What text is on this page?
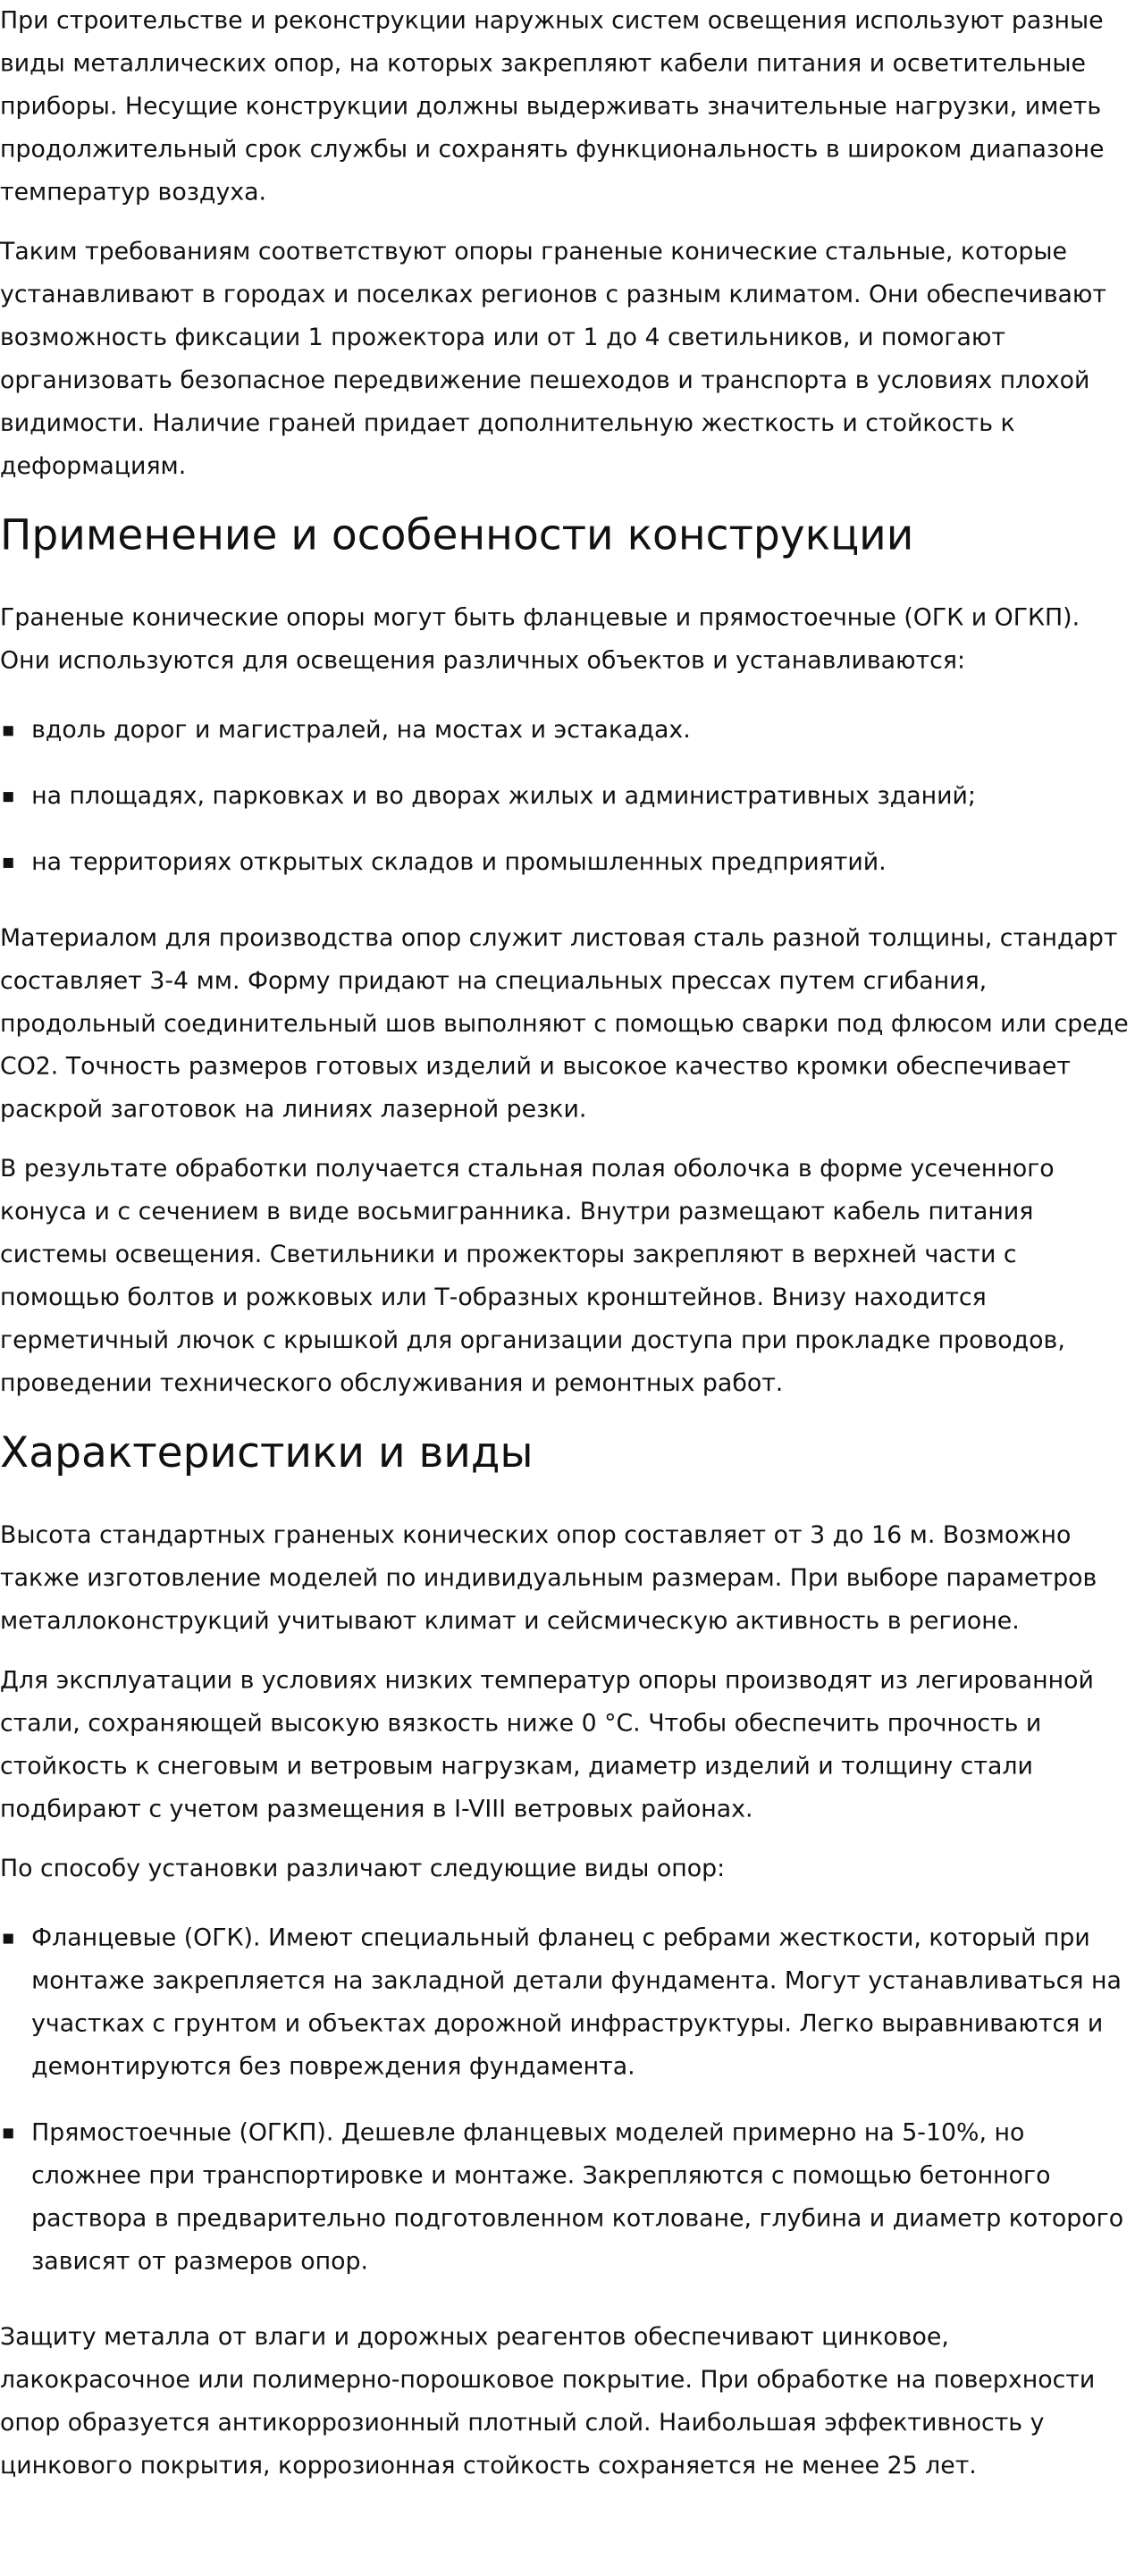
При строительстве и реконструкции наружных систем освещения используют разные виды металлических опор, на которых закрепляют кабели питания и осветительные приборы. Несущие конструкции должны выдерживать значительные нагрузки, иметь продолжительный срок службы и сохранять функциональность в широком диапазоне температур воздуха.

Таким требованиям соответствуют опоры граненые конические стальные, которые устанавливают в городах и поселках регионов с разным климатом. Они обеспечивают возможность фиксации 1 прожектора или от 1 до 4 светильников, и помогают организовать безопасное передвижение пешеходов и транспорта в условиях плохой видимости. Наличие граней придает дополнительную жесткость и стойкость к деформациям.

Применение и особенности конструкции

Граненые конические опоры могут быть фланцевые и прямостоечные (ОГК и ОГКП). Они используются для освещения различных объектов и устанавливаются:

вдоль дорог и магистралей, на мостах и эстакадах.
на площадях, парковках и во дворах жилых и административных зданий;
на территориях открытых складов и промышленных предприятий.

Материалом для производства опор служит листовая сталь разной толщины, стандарт составляет 3-4 мм. Форму придают на специальных прессах путем сгибания, продольный соединительный шов выполняют с помощью сварки под флюсом или среде CO2. Точность размеров готовых изделий и высокое качество кромки обеспечивает раскрой заготовок на линиях лазерной резки.

В результате обработки получается стальная полая оболочка в форме усеченного конуса и с сечением в виде восьмигранника. Внутри размещают кабель питания системы освещения. Светильники и прожекторы закрепляют в верхней части с помощью болтов и рожковых или Т-образных кронштейнов. Внизу находится герметичный лючок с крышкой для организации доступа при прокладке проводов, проведении технического обслуживания и ремонтных работ.

Характеристики и виды

Высота стандартных граненых конических опор составляет от 3 до 16 м. Возможно также изготовление моделей по индивидуальным размерам. При выборе параметров металлоконструкций учитывают климат и сейсмическую активность в регионе.

Для эксплуатации в условиях низких температур опоры производят из легированной стали, сохраняющей высокую вязкость ниже 0 °С. Чтобы обеспечить прочность и стойкость к снеговым и ветровым нагрузкам, диаметр изделий и толщину стали подбирают с учетом размещения в I-VIII ветровых районах.

По способу установки различают следующие виды опор:

Фланцевые (ОГК). Имеют специальный фланец с ребрами жесткости, который при монтаже закрепляется на закладной детали фундамента. Могут устанавливаться на участках с грунтом и объектах дорожной инфраструктуры. Легко выравниваются и демонтируются без повреждения фундамента.
Прямостоечные (ОГКП). Дешевле фланцевых моделей примерно на 5-10%, но сложнее при транспортировке и монтаже. Закрепляются с помощью бетонного раствора в предварительно подготовленном котловане, глубина и диаметр которого зависят от размеров опор.

Защиту металла от влаги и дорожных реагентов обеспечивают цинковое, лакокрасочное или полимерно-порошковое покрытие. При обработке на поверхности опор образуется антикоррозионный плотный слой. Наибольшая эффективность у цинкового покрытия, коррозионная стойкость сохраняется не менее 25 лет.
